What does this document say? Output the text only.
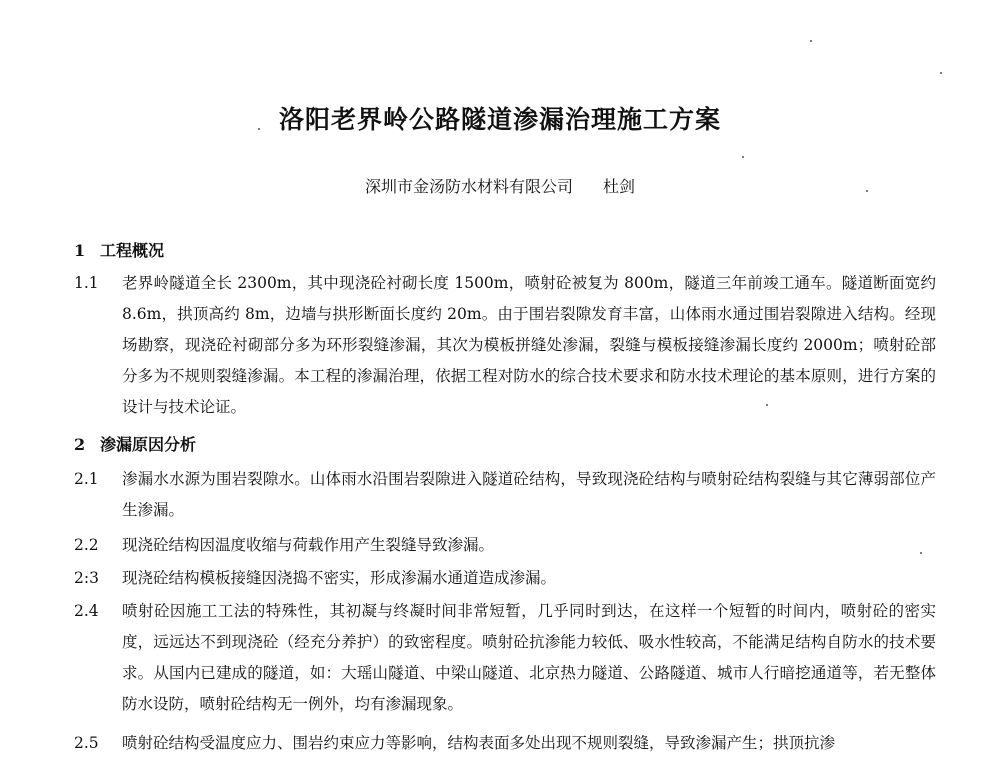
洛阳老界岭公路隧道渗漏治理施工方案
深圳市金汤防水材料有限公司 杜剑
1 工程概况
1.1	老界岭隧道全长 2300m，其中现浇砼衬砌长度 1500m，喷射砼被复为 800m，隧道三年前竣工通车。隧道断面宽约 8.6m，拱顶高约 8m，边墙与拱形断面长度约 20m。由于围岩裂隙发育丰富，山体雨水通过围岩裂隙进入结构。经现场勘察，现浇砼衬砌部分多为环形裂缝渗漏，其次为模板拼缝处渗漏，裂缝与模板接缝渗漏长度约 2000m；喷射砼部分多为不规则裂缝渗漏。本工程的渗漏治理，依据工程对防水的综合技术要求和防水技术理论的基本原则，进行方案的设计与技术论证。
2 渗漏原因分析
2.1	渗漏水水源为围岩裂隙水。山体雨水沿围岩裂隙进入隧道砼结构，导致现浇砼结构与喷射砼结构裂缝与其它薄弱部位产生渗漏。
2.2	现浇砼结构因温度收缩与荷载作用产生裂缝导致渗漏。
2:3	现浇砼结构模板接缝因浇捣不密实，形成渗漏水通道造成渗漏。
2.4	喷射砼因施工工法的特殊性，其初凝与终凝时间非常短暂，几乎同时到达，在这样一个短暂的时间内，喷射砼的密实度，远远达不到现浇砼（经充分养护）的致密程度。喷射砼抗渗能力较低、吸水性较高，不能满足结构自防水的技术要求。从国内已建成的隧道，如：大瑶山隧道、中梁山隧道、北京热力隧道、公路隧道、城市人行暗挖通道等，若无整体防水设防，喷射砼结构无一例外，均有渗漏现象。
2.5	喷射砼结构受温度应力、围岩约束应力等影响，结构表面多处出现不规则裂缝，导致渗漏产生；拱顶抗渗
